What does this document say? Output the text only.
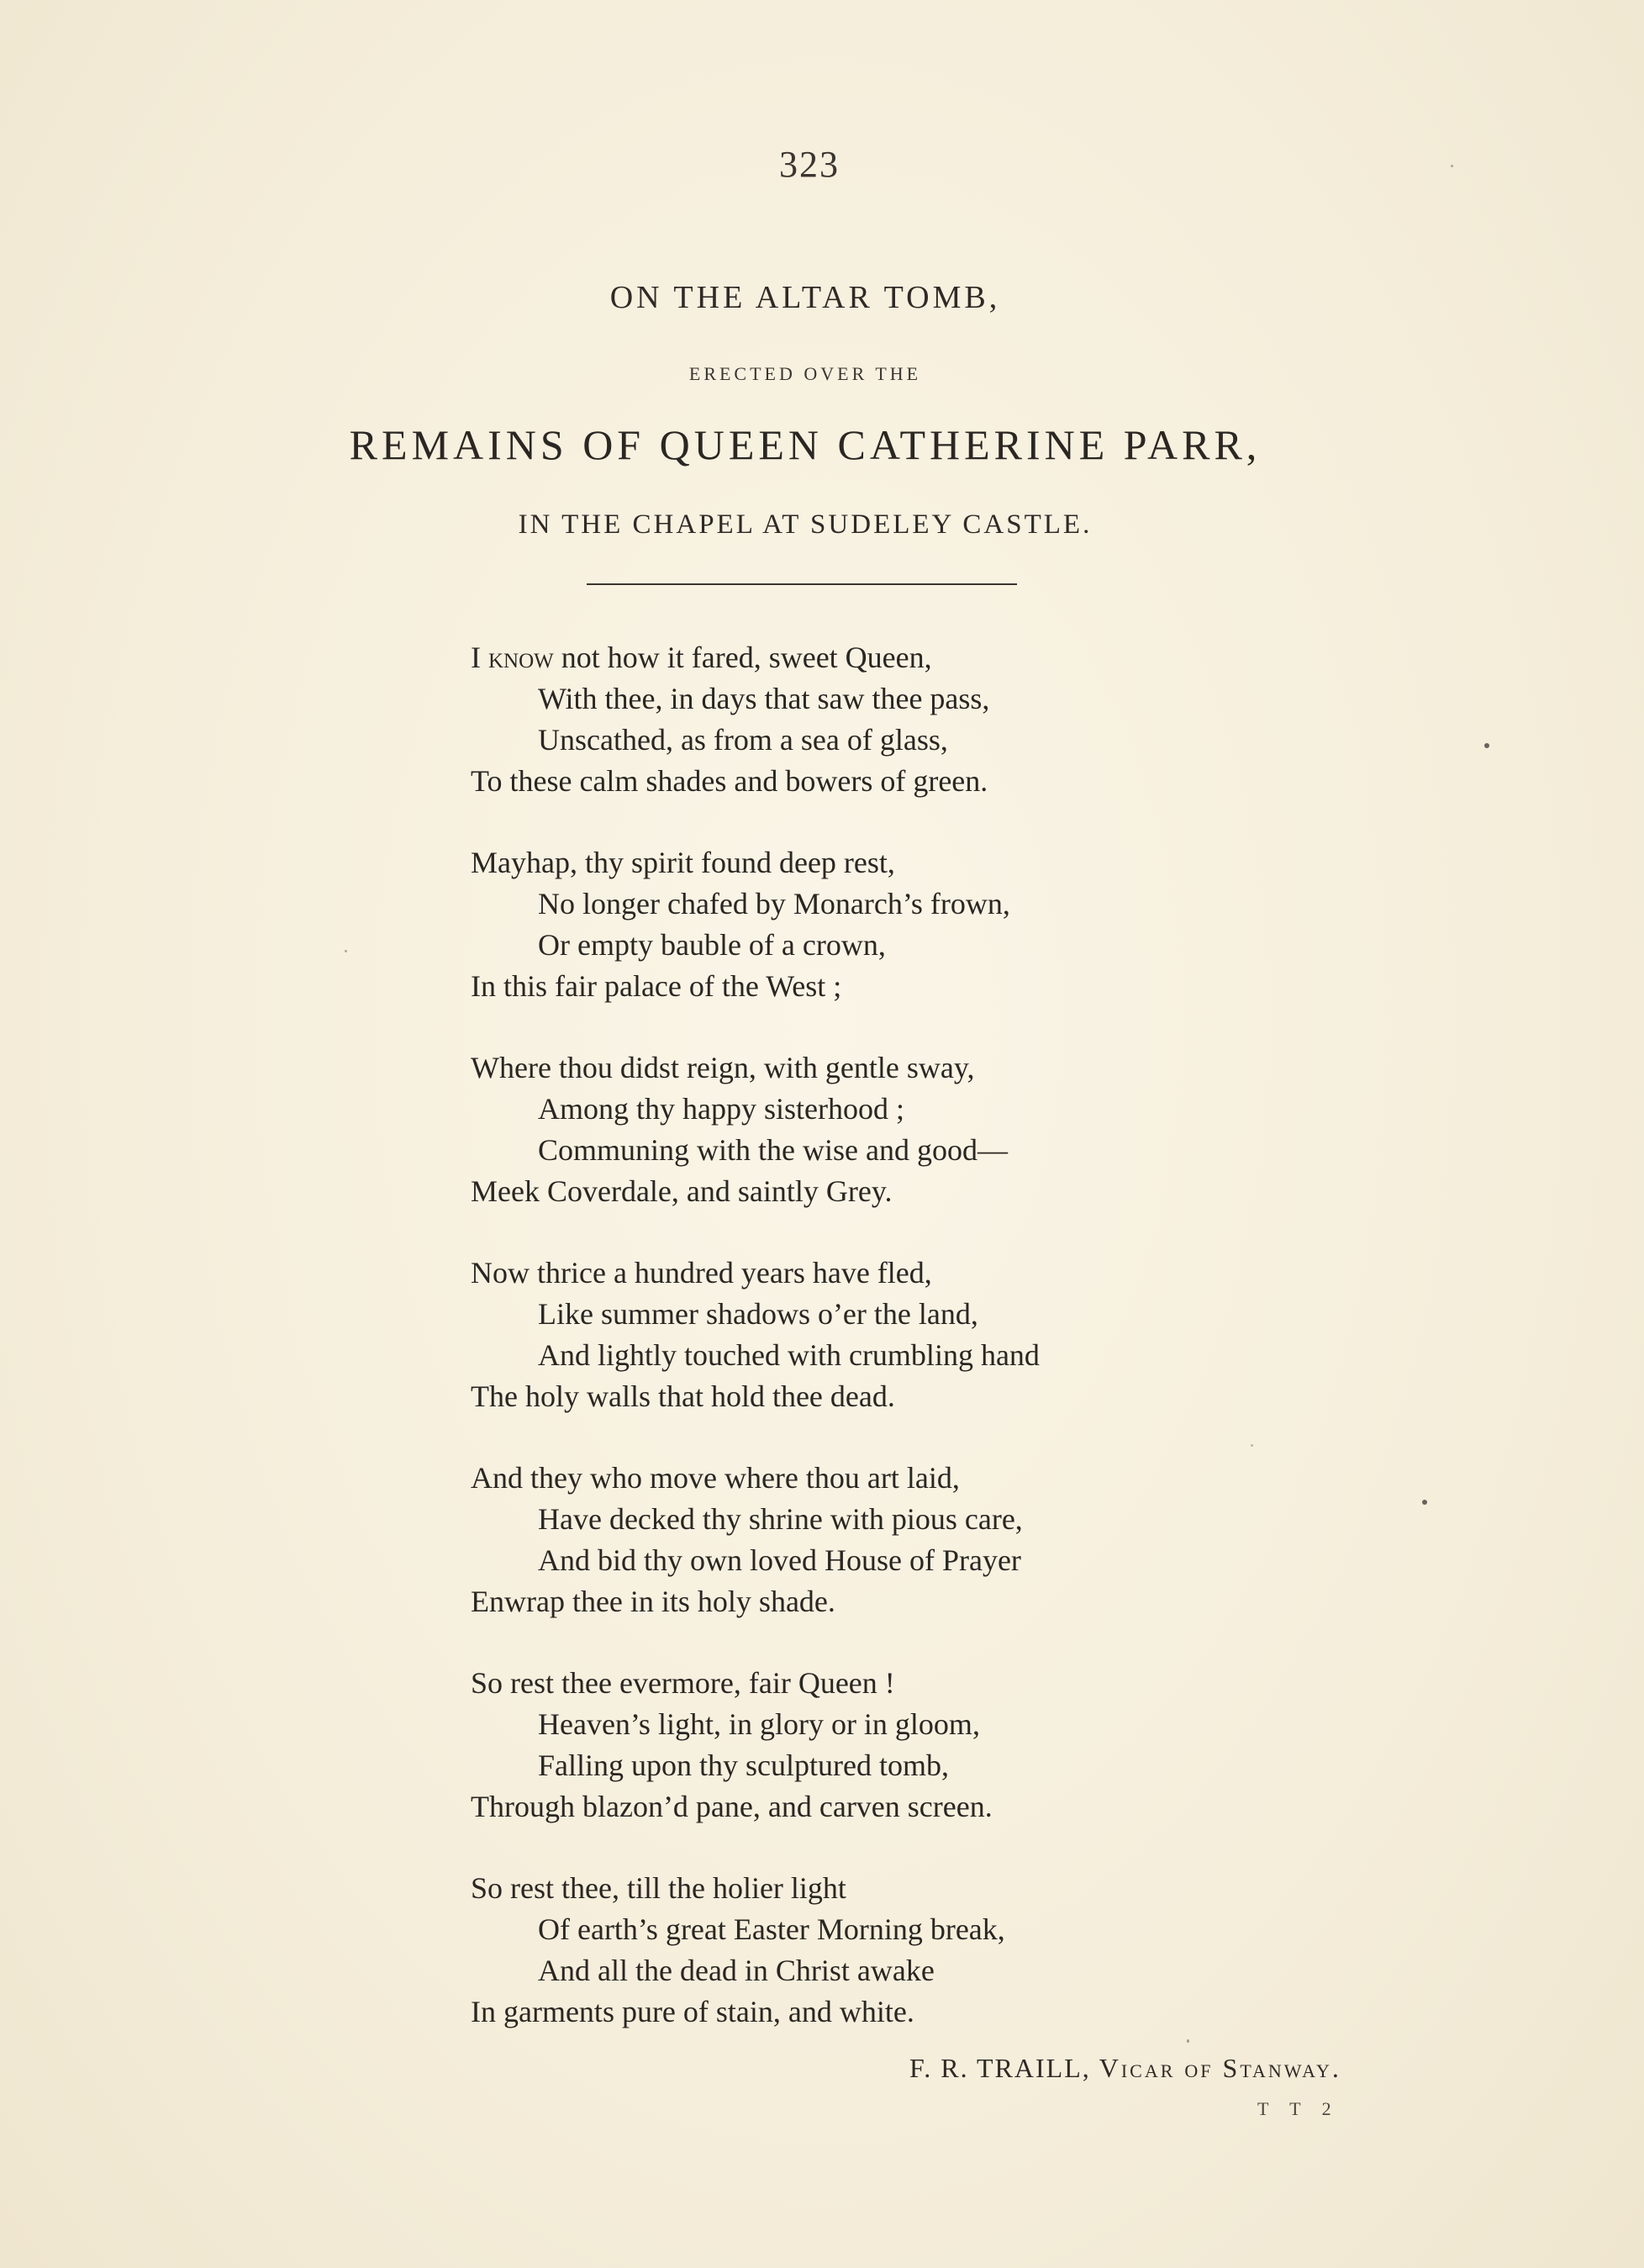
323
ON THE ALTAR TOMB,
ERECTED OVER THE
REMAINS OF QUEEN CATHERINE PARR,
IN THE CHAPEL AT SUDELEY CASTLE.
I know not how it fared, sweet Queen,
With thee, in days that saw thee pass,
Unscathed, as from a sea of glass,
To these calm shades and bowers of green.
Mayhap, thy spirit found deep rest,
No longer chafed by Monarch’s frown,
Or empty bauble of a crown,
In this fair palace of the West ;
Where thou didst reign, with gentle sway,
Among thy happy sisterhood ;
Communing with the wise and good—
Meek Coverdale, and saintly Grey.
Now thrice a hundred years have fled,
Like summer shadows o’er the land,
And lightly touched with crumbling hand
The holy walls that hold thee dead.
And they who move where thou art laid,
Have decked thy shrine with pious care,
And bid thy own loved House of Prayer
Enwrap thee in its holy shade.
So rest thee evermore, fair Queen !
Heaven’s light, in glory or in gloom,
Falling upon thy sculptured tomb,
Through blazon’d pane, and carven screen.
So rest thee, till the holier light
Of earth’s great Easter Morning break,
And all the dead in Christ awake
In garments pure of stain, and white.
F. R. TRAILL, Vicar of Stanway.
T T 2
